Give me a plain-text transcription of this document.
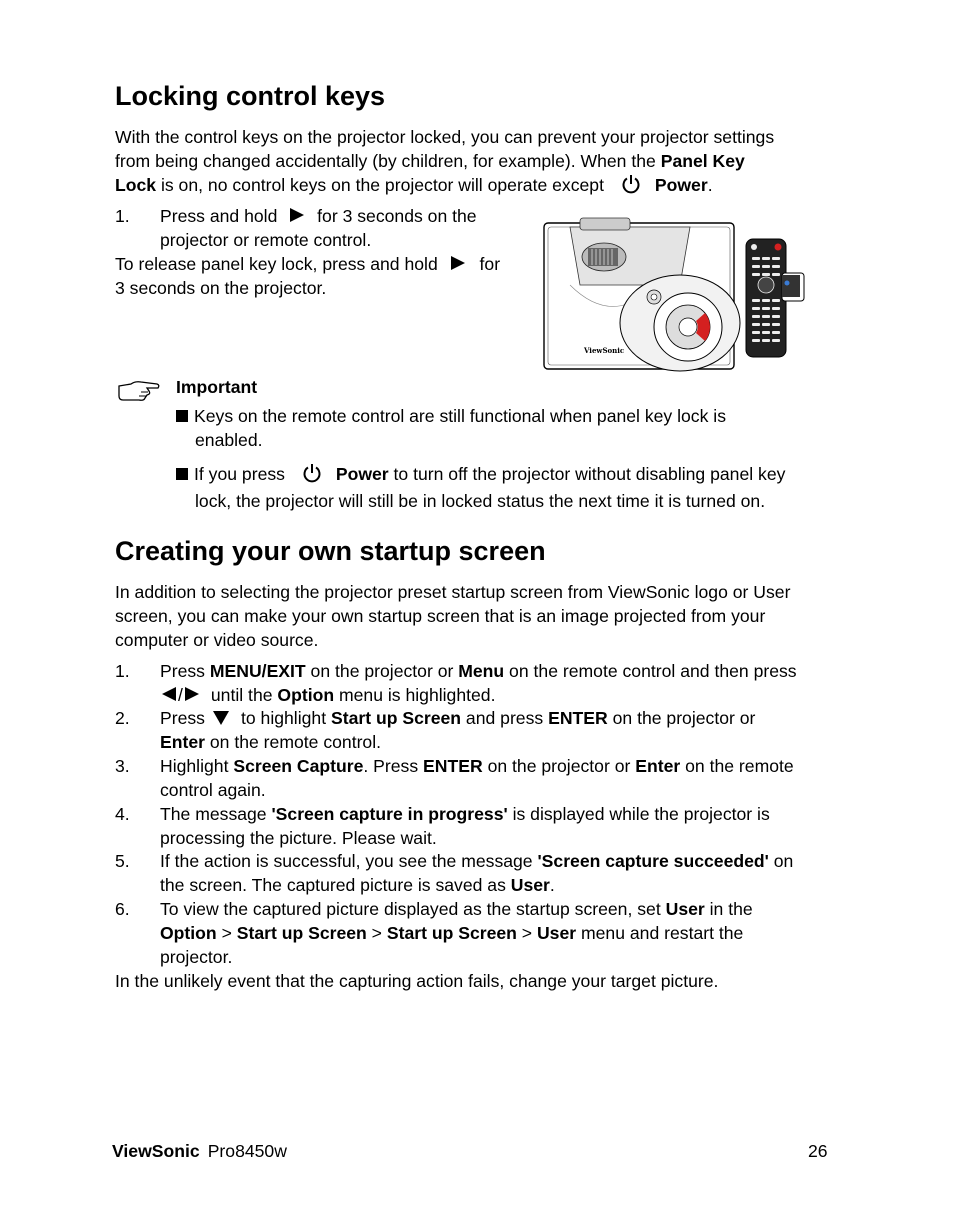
Locking control keys
With the control keys on the projector locked, you can prevent your projector settings
from being changed accidentally (by children, for example). When the Panel Key
Lock is on, no control keys on the projector will operate except	Power.
1. Press and hold for 3 seconds on the
projector or remote control.
To release panel key lock, press and hold for
3 seconds on the projector.
ViewSonic
Important
Keys on the remote control are still functional when panel key lock is
enabled.
If you press	Power to turn off the projector without disabling panel key
lock, the projector will still be in locked status the next time it is turned on.
Creating your own startup screen
In addition to selecting the projector preset startup screen from ViewSonic logo or User
screen, you can make your own startup screen that is an image projected from your
computer or video source.
1. Press MENU/EXIT on the projector or Menu on the remote control and then press
/ until the Option menu is highlighted.
2. Press to highlight Start up Screen and press ENTER on the projector or
Enter on the remote control.
3. Highlight Screen Capture. Press ENTER on the projector or Enter on the remote
control again.
4. The message 'Screen capture in progress' is displayed while the projector is
processing the picture. Please wait.
5. If the action is successful, you see the message 'Screen capture succeeded' on
the screen. The captured picture is saved as User.
6. To view the captured picture displayed as the startup screen, set User in the
Option > Start up Screen > Start up Screen > User menu and restart the
projector.
In the unlikely event that the capturing action fails, change your target picture.
ViewSonic Pro8450w	26
